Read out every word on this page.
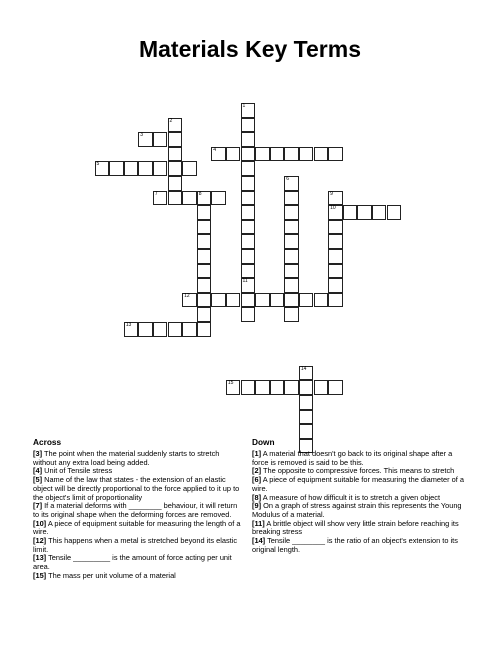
Materials Key Terms
1
11
2
3
4
5
6
7	8	9
10
12
13
14
15
Across

[3] The point when the material suddenly starts to stretch without any extra load being added.

[4] Unit of Tensile stress

[5] Name of the law that states - the extension of an elastic object will be directly proportional to the force applied to it up to the object's limit of proportionality

[7] If a material deforms with ________ behaviour, it will return to its original shape when the deforming forces are removed.

[10] A piece of equipment suitable for measuring the length of a wire.

[12] This happens when a metal is stretched beyond its elastic limit.

[13] Tensile _________ is the amount of force acting per unit area.

[15] The mass per unit volume of a material

Down

[1] A material that doesn't go back to its original shape after a force is removed is said to be this.

[2] The opposite to compressive forces. This means to stretch

[6] A piece of equipment suitable for measuring the diameter of a wire.

[8] A measure of how difficult it is to stretch a given object

[9] On a graph of stress against strain this represents the Young Modulus of a material.

[11] A brittle object will show very little strain before reaching its breaking stress

[14] Tensile ________ is the ratio of an object's extension to its original length.
